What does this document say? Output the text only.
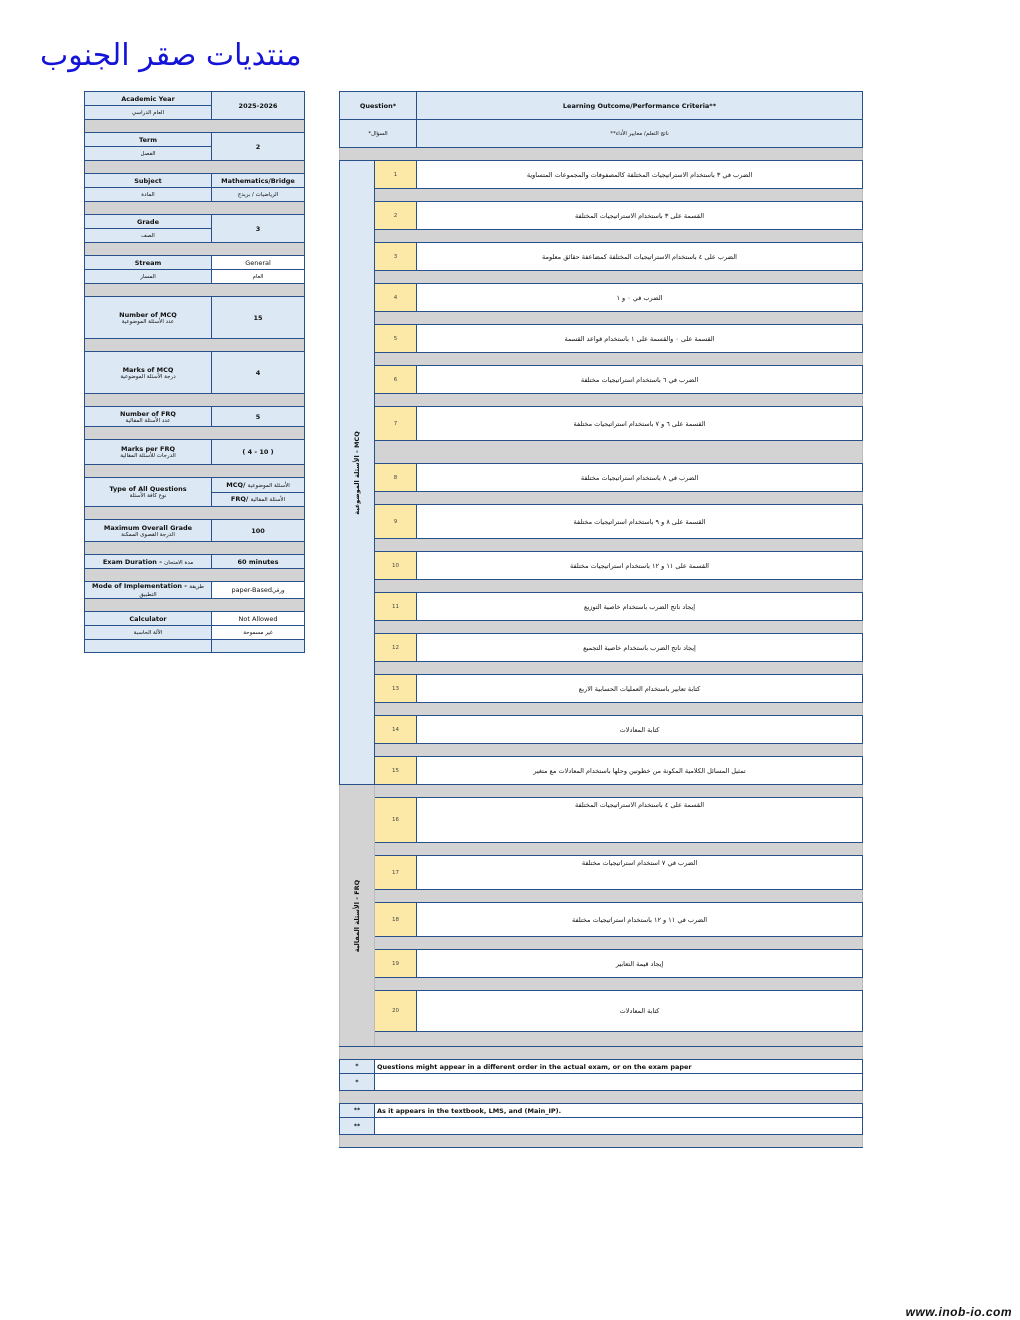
منتديات صقر الجنوب
Academic Year	2025-2026
العام الدراسي	

Term	2
الفصل	

Subject	Mathematics/Bridge
المادة	الرياضيات / بريدج

Grade	3
الصف	

Stream	General
المسار	العام

Number of MCQ
عدد الأسئلة الموضوعية	15

Marks of MCQ
درجة الأسئلة الموضوعية	4

Number of FRQ
عدد الأسئلة المقالية	5

Marks per FRQ
الدرجات للأسئلة المقالية	( 4 - 10 )

Type of All Questions
نوع كافة الأسئلة	MCQ/ الأسئلة الموضوعية
	FRQ/ الأسئلة المقالية

Maximum Overall Grade
الدرجة القصوى الممكنة	100

Exam Duration - مدة الامتحان	60 minutes

Mode of Implementation - طريقة التطبيق	paper-Basedورقي

Calculator	Not Allowed
الآلة الحاسبة	غير مسموحة

Question*		Learning Outcome/Performance Criteria**
السؤال*		ناتج التعلم/ معايير الأداء**

MCQ - الأسئلة الموضوعية	1	الضرب في ٣ باستخدام الاستراتيجيات المختلفة كالمصفوفات والمجموعات المتساوية

	2	القسمة على ٣ باستخدام الاستراتيجيات المختلفة

	3	الضرب على ٤ باستخدام الاستراتيجيات المختلفة كمضاعفة حقائق معلومة

	4	الضرب في ٠ و ١

	5	القسمة على ٠ والقسمة على ١ باستخدام قواعد القسمة

	6	الضرب في ٦ باستخدام استراتيجيات مختلفة

	7	القسمة على ٦ و ٧ باستخدام استراتيجيات مختلفة

	8	الضرب في ٨ باستخدام استراتيجيات مختلفة

	9	القسمة على ٨ و ٩ باستخدام استراتيجيات مختلفة

	10	القسمة على ١١ و ١٢ باستخدام استراتيجيات مختلفة

	11	إيجاد ناتج الضرب باستخدام خاصية التوزيع

	12	إيجاد ناتج الضرب باستخدام خاصية التجميع

	13	كتابة تعابير باستخدام العمليات الحسابية الاربع

	14	كتابة المعادلات

	15	تمثيل المسائل الكلامية المكونة من خطوتين وحلها باستخدام المعادلات مع متغير

FRQ - الأسئلة المقالية		

	16	القسمة على ٤ باستخدام الاستراتيجيات المختلفة

	17	الضرب في ٧ استخدام استراتيجيات مختلفة

	18	الضرب في ١١ و ١٢ باستخدام استراتيجيات مختلفة

	19	إيجاد قيمة التعابير

	20	كتابة المعادلات

*	Questions might appear in a different order in the actual exam, or on the exam paper	
*		

**	As it appears in the textbook, LMS, and (Main_IP).	
**		

www.inob-io.com
